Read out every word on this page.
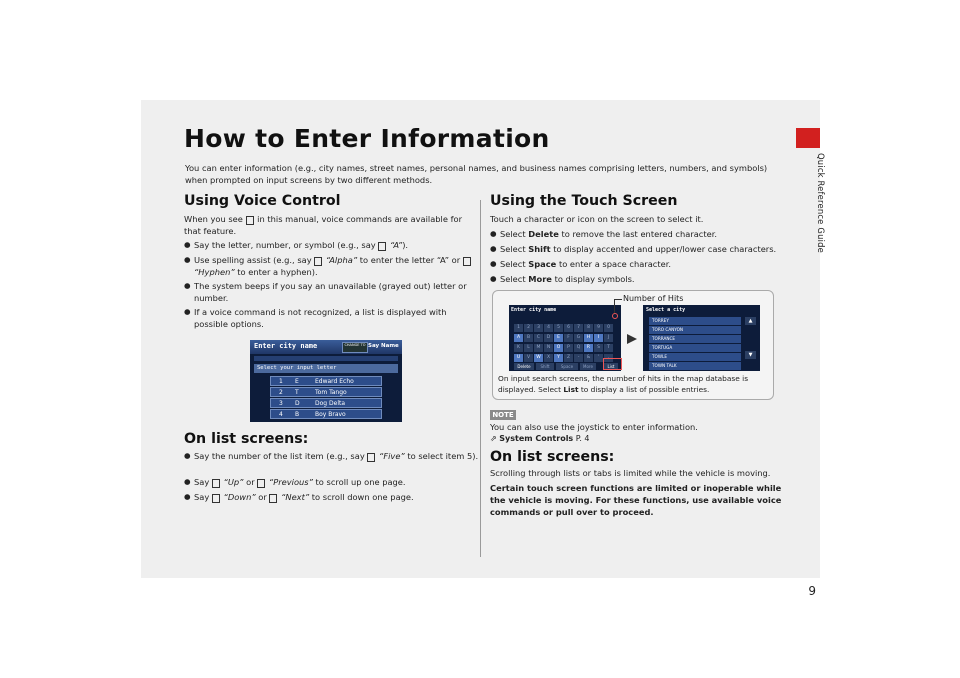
Quick Reference Guide
How to Enter Information
You can enter information (e.g., city names, street names, personal names, and business names comprising letters, numbers, and symbols) when prompted on input screens by two different methods.
Using Voice Control
When you see 🗣 in this manual, voice commands are available for that feature.
● Say the letter, number, or symbol (e.g., say 🗣 “A”).
● Use spelling assist (e.g., say 🗣 “Alpha” to enter the letter “A” or 🗣 “Hyphen” to enter a hyphen).
● The system beeps if you say an unavailable (grayed out) letter or number.
● If a voice command is not recognized, a list is displayed with possible options.
Enter city name	CHANGE TO Say Name
Select your input letter
1 E	Edward Echo
2 T	Tom Tango
3 D	Dog Delta
4 B	Boy Bravo
On list screens:
● Say the number of the list item (e.g., say 🗣 “Five” to select item 5).
● Say 🗣 “Up” or 🗣 “Previous” to scroll up one page.
● Say 🗣 “Down” or 🗣 “Next” to scroll down one page.
Using the Touch Screen
Touch a character or icon on the screen to select it.
● Select Delete to remove the last entered character.
● Select Shift to display accented and upper/lower case characters.
● Select Space to enter a space character.
● Select More to display symbols.
Enter city name
1	2	3	4	5	6	7	8	9	0
A	B	C	D	E	F	G	H	I	J
K	L	M	N	O	P	Q	R	S	T
U	V	W	X	Y	Z	-	&	'	.
Delete	Shift	Space	More	List
Number of Hits
Select a city
TORREY
TORO CANYON
TORRANCE
TORTUGA
TOWLE
TOWN TALK
▲
▼
On input search screens, the number of hits in the map database is displayed. Select List to display a list of possible entries.
NOTE
You can also use the joystick to enter information.
⇗ System Controls P. 4
On list screens:
Scrolling through lists or tabs is limited while the vehicle is moving.
Certain touch screen functions are limited or inoperable while the vehicle is moving. For these functions, use available voice commands or pull over to proceed.
9
